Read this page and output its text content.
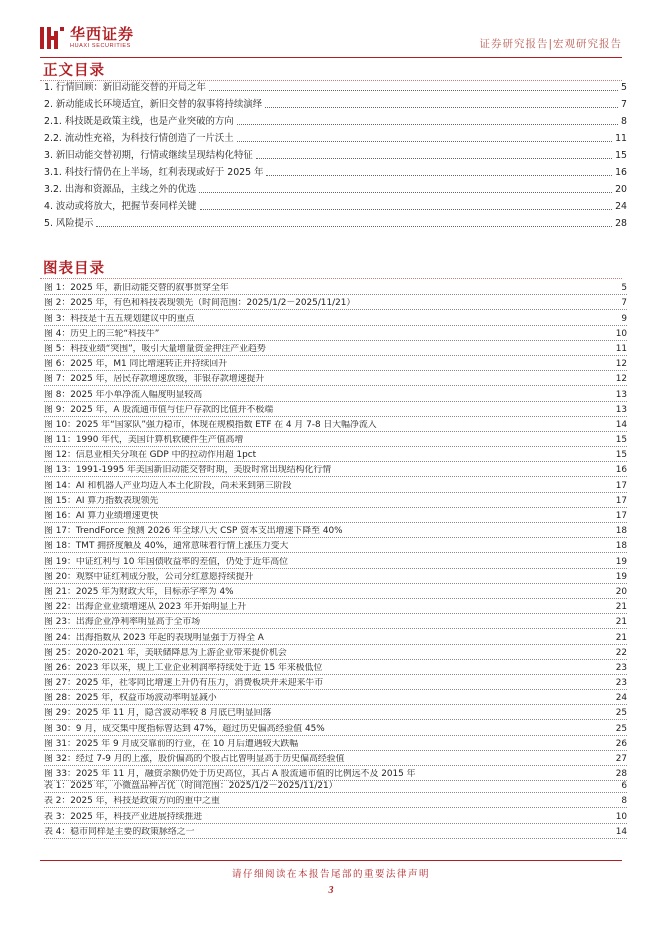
华西证券
HUAXI SECURITIES	证券研究报告|宏观研究报告
正文目录
1. 行情回顾：新旧动能交替的开局之年	5
2. 新动能成长环境适宜，新旧交替的叙事将持续演绎	7
2.1. 科技既是政策主线，也是产业突破的方向	8
2.2. 流动性充裕，为科技行情创造了一片沃土	11
3. 新旧动能交替初期，行情或继续呈现结构化特征	15
3.1. 科技行情仍在上半场，红利表现或好于 2025 年	16
3.2. 出海和资源品，主线之外的优选	20
4. 波动或将放大，把握节奏同样关键	24
5. 风险提示	28
图表目录
图 1：2025 年，新旧动能交替的叙事贯穿全年	5
图 2：2025 年，有色和科技表现领先（时间范围：2025/1/2－2025/11/21）	7
图 3：科技是十五五规划建议中的重点	9
图 4：历史上的三轮“科技牛”	10
图 5：科技业绩“突围”，吸引大量增量资金押注产业趋势	11
图 6：2025 年，M1 同比增速转正并持续回升	12
图 7：2025 年，居民存款增速放缓，非银存款增速提升	12
图 8：2025 年小单净流入幅度明显较高	13
图 9：2025 年，A 股流通市值与住户存款的比值并不极端	13
图 10：2025 年“国家队”强力稳市，体现在规模指数 ETF 在 4 月 7-8 日大幅净流入	14
图 11：1990 年代，美国计算机软硬件生产值高增	15
图 12：信息业相关分项在 GDP 中的拉动作用超 1pct	15
图 13：1991-1995 年美国新旧动能交替时期，美股时常出现结构化行情	16
图 14：AI 和机器人产业均迈入本土化阶段，尚未来到第三阶段	17
图 15：AI 算力指数表现领先	17
图 16：AI 算力业绩增速更快	17
图 17：TrendForce 预测 2026 年全球八大 CSP 资本支出增速下降至 40%	18
图 18：TMT 拥挤度触及 40%，通常意味着行情上涨压力变大	18
图 19：中证红利与 10 年国债收益率的差值，仍处于近年高位	19
图 20：观察中证红利成分股，公司分红意愿持续提升	19
图 21：2025 年为财政大年，目标赤字率为 4%	20
图 22：出海企业业绩增速从 2023 年开始明显上升	21
图 23：出海企业净利率明显高于全市场	21
图 24：出海指数从 2023 年起的表现明显强于万得全 A	21
图 25：2020-2021 年，美联储降息为上游企业带来提价机会	22
图 26：2023 年以来，规上工业企业利润率持续处于近 15 年来极低位	23
图 27：2025 年，社零同比增速上升仍有压力，消费板块并未迎来牛市	23
图 28：2025 年，权益市场波动率明显减小	24
图 29：2025 年 11 月，隐含波动率较 8 月底已明显回落	25
图 30：9 月，成交集中度指标曾达到 47%，超过历史偏高经验值 45%	25
图 31：2025 年 9 月成交靠前的行业，在 10 月后遭遇较大跌幅	26
图 32：经过 7-9 月的上涨，股价偏高的个股占比曾明显高于历史偏高经验值	27
图 33：2025 年 11 月，融资余额仍处于历史高位，其占 A 股流通市值的比例远不及 2015 年	28
表 1：2025 年，小微盘品种占优（时间范围：2025/1/2－2025/11/21）	6
表 2：2025 年，科技是政策方向的重中之重	8
表 3：2025 年，科技产业进展持续推进	10
表 4：稳市同样是主要的政策脉络之一	14
请仔细阅读在本报告尾部的重要法律声明
3
